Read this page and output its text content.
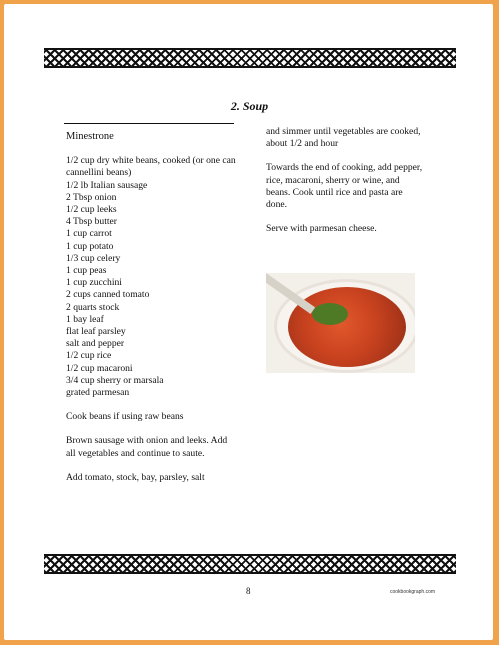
2. Soup

Minestrone

1/2 cup dry white beans, cooked (or one can cannellini beans)

1/2 lb Italian sausage

2 Tbsp onion

1/2 cup leeks

4 Tbsp butter

1 cup carrot

1 cup potato

1/3 cup celery

1 cup peas

1 cup zucchini

2 cups canned tomato

2 quarts stock

1 bay leaf

flat leaf parsley

salt and pepper

1/2 cup rice

1/2 cup macaroni

3/4 cup sherry or marsala

grated parmesan

Cook beans if using raw beans

Brown sausage with onion and leeks. Add all vegetables and continue to saute.

Add tomato, stock, bay, parsley, salt

and simmer until vegetables are cooked, about 1/2 and hour

Towards the end of cooking, add pepper, rice, macaroni, sherry or wine, and beans. Cook until rice and pasta are done.

Serve with parmesan cheese.

8	cookbookgraph.com
